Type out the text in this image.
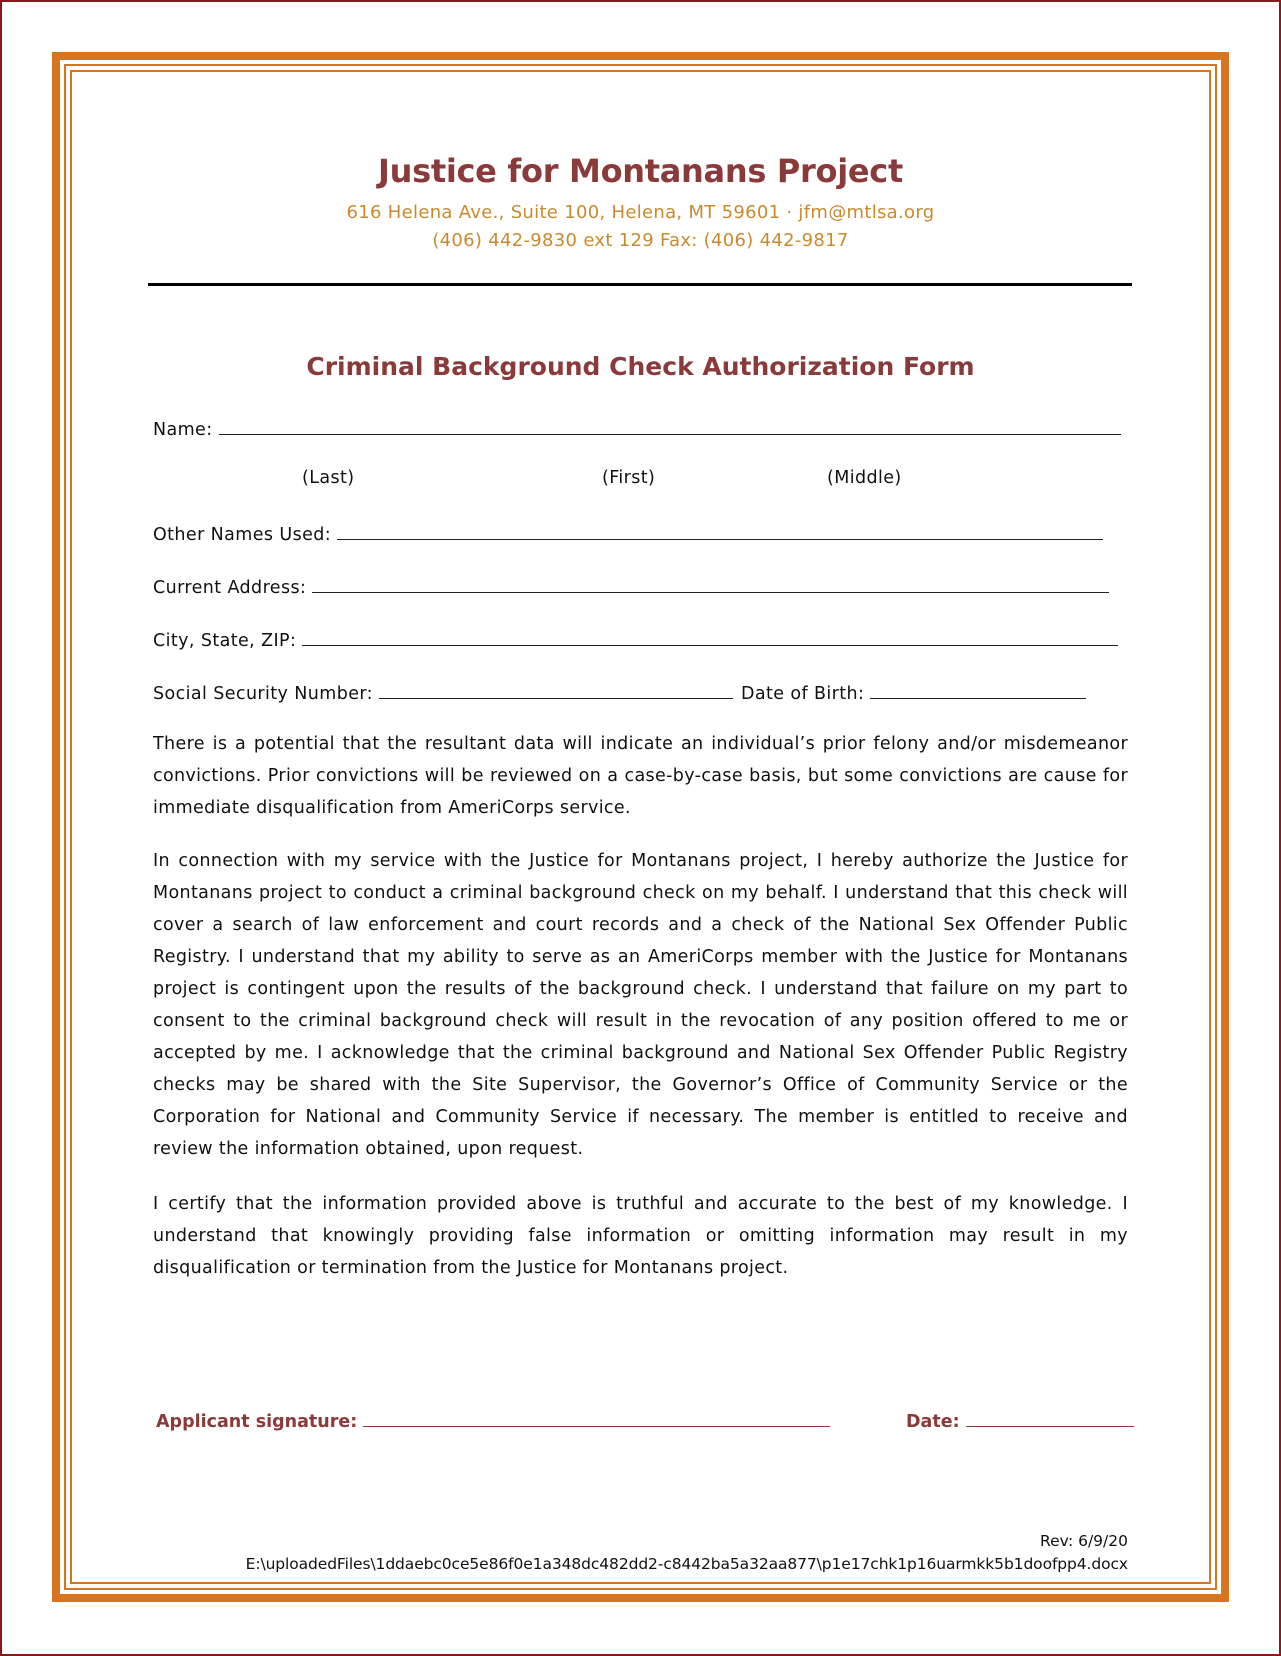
Justice for Montanans Project
616 Helena Ave., Suite 100, Helena, MT 59601 · jfm@mtlsa.org
(406) 442-9830 ext 129 Fax: (406) 442-9817
Criminal Background Check Authorization Form
Name:
(Last)	(First)	(Middle)
Other Names Used:
Current Address:
City, State, ZIP:
Social Security Number:	Date of Birth:
There is a potential that the resultant data will indicate an individual’s prior felony and/or misdemeanor convictions. Prior convictions will be reviewed on a case-by-case basis, but some convictions are cause for immediate disqualification from AmeriCorps service.
In connection with my service with the Justice for Montanans project, I hereby authorize the Justice for Montanans project to conduct a criminal background check on my behalf. I understand that this check will cover a search of law enforcement and court records and a check of the National Sex Offender Public Registry. I understand that my ability to serve as an AmeriCorps member with the Justice for Montanans project is contingent upon the results of the background check. I understand that failure on my part to consent to the criminal background check will result in the revocation of any position offered to me or accepted by me. I acknowledge that the criminal background and National Sex Offender Public Registry checks may be shared with the Site Supervisor, the Governor’s Office of Community Service or the Corporation for National and Community Service if necessary. The member is entitled to receive and review the information obtained, upon request.
I certify that the information provided above is truthful and accurate to the best of my knowledge. I understand that knowingly providing false information or omitting information may result in my disqualification or termination from the Justice for Montanans project.
Applicant signature:	Date:
Rev: 6/9/20
E:\uploadedFiles\1ddaebc0ce5e86f0e1a348dc482dd2-c8442ba5a32aa877\p1e17chk1p16uarmkk5b1doofpp4.docx
